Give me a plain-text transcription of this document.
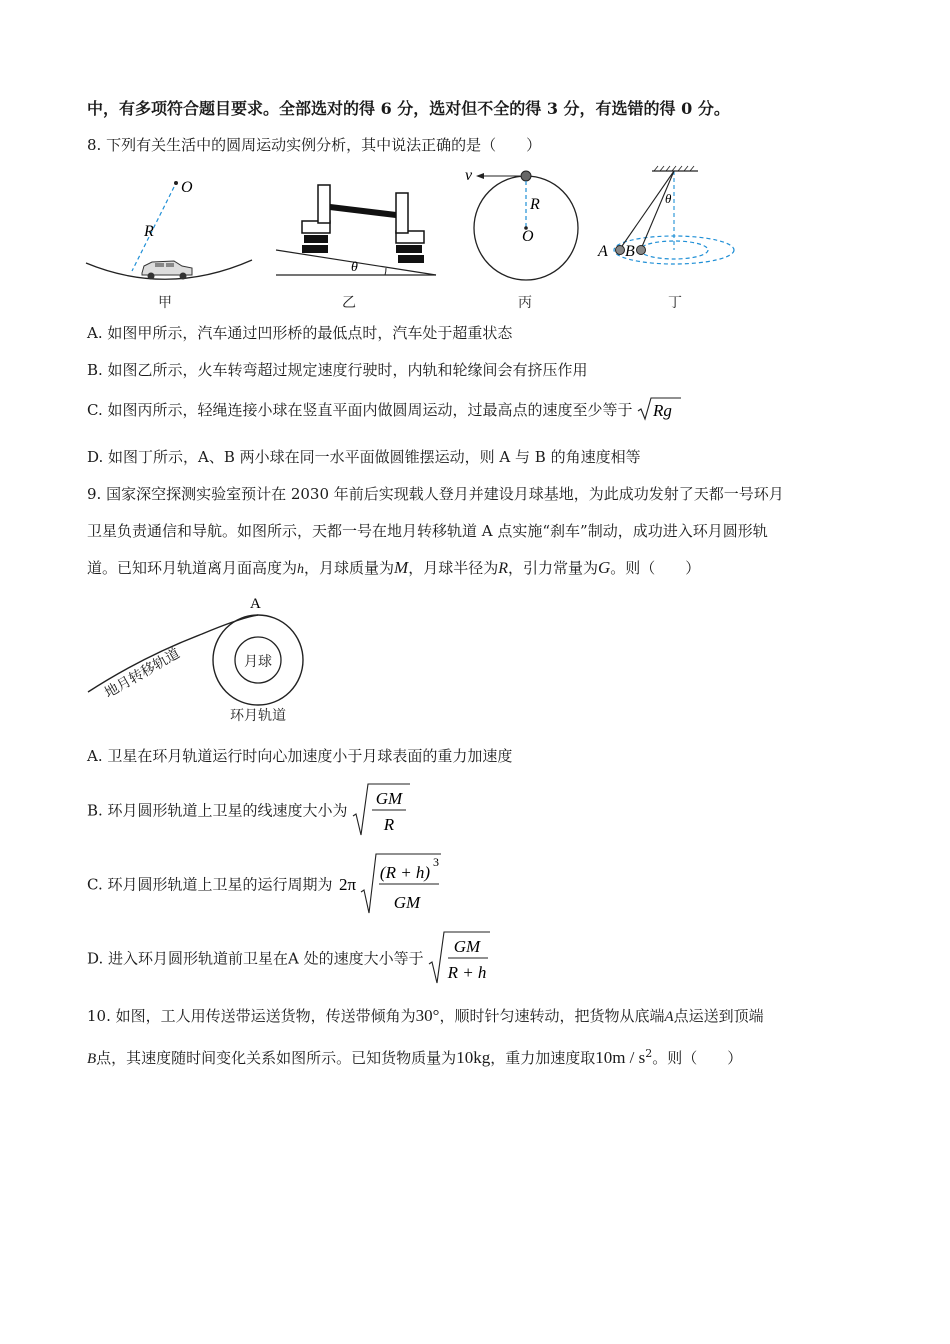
中，有多项符合题目要求。全部选对的得 6 分，选对但不全的得 3 分，有选错的得 0 分。
8. 下列有关生活中的圆周运动实例分析，其中说法正确的是（　　）
O
R
甲
θ
乙
v
R
O
丙
θ
A B
丁
A. 如图甲所示，汽车通过凹形桥的最低点时，汽车处于超重状态
B. 如图乙所示，火车转弯超过规定速度行驶时，内轨和轮缘间会有挤压作用
C. 如图丙所示，轻绳连接小球在竖直平面内做圆周运动，过最高点的速度至少等于 Rg
D. 如图丁所示，A、B 两小球在同一水平面做圆锥摆运动，则 A 与 B 的角速度相等
9. 国家深空探测实验室预计在 2030 年前后实现载人登月并建设月球基地，为此成功发射了天都一号环月
卫星负责通信和导航。如图所示，天都一号在地月转移轨道 A 点实施“刹车”制动，成功进入环月圆形轨
道。已知环月轨道离月面高度为h，月球质量为M，月球半径为R，引力常量为G。则（　　）
月球
A
地月转移轨道
环月轨道
A. 卫星在环月轨道运行时向心加速度小于月球表面的重力加速度
B. 环月圆形轨道上卫星的线速度大小为
GM
R
C. 环月圆形轨道上卫星的运行周期为 2π
(R + h)
3
GM
D. 进入环月圆形轨道前卫星在A 处的速度大小等于
GM
R + h
10. 如图，工人用传送带运送货物，传送带倾角为30°，顺时针匀速转动，把货物从底端A点运送到顶端
B点，其速度随时间变化关系如图所示。已知货物质量为10kg，重力加速度取$10m / s^2$。则（　　）
